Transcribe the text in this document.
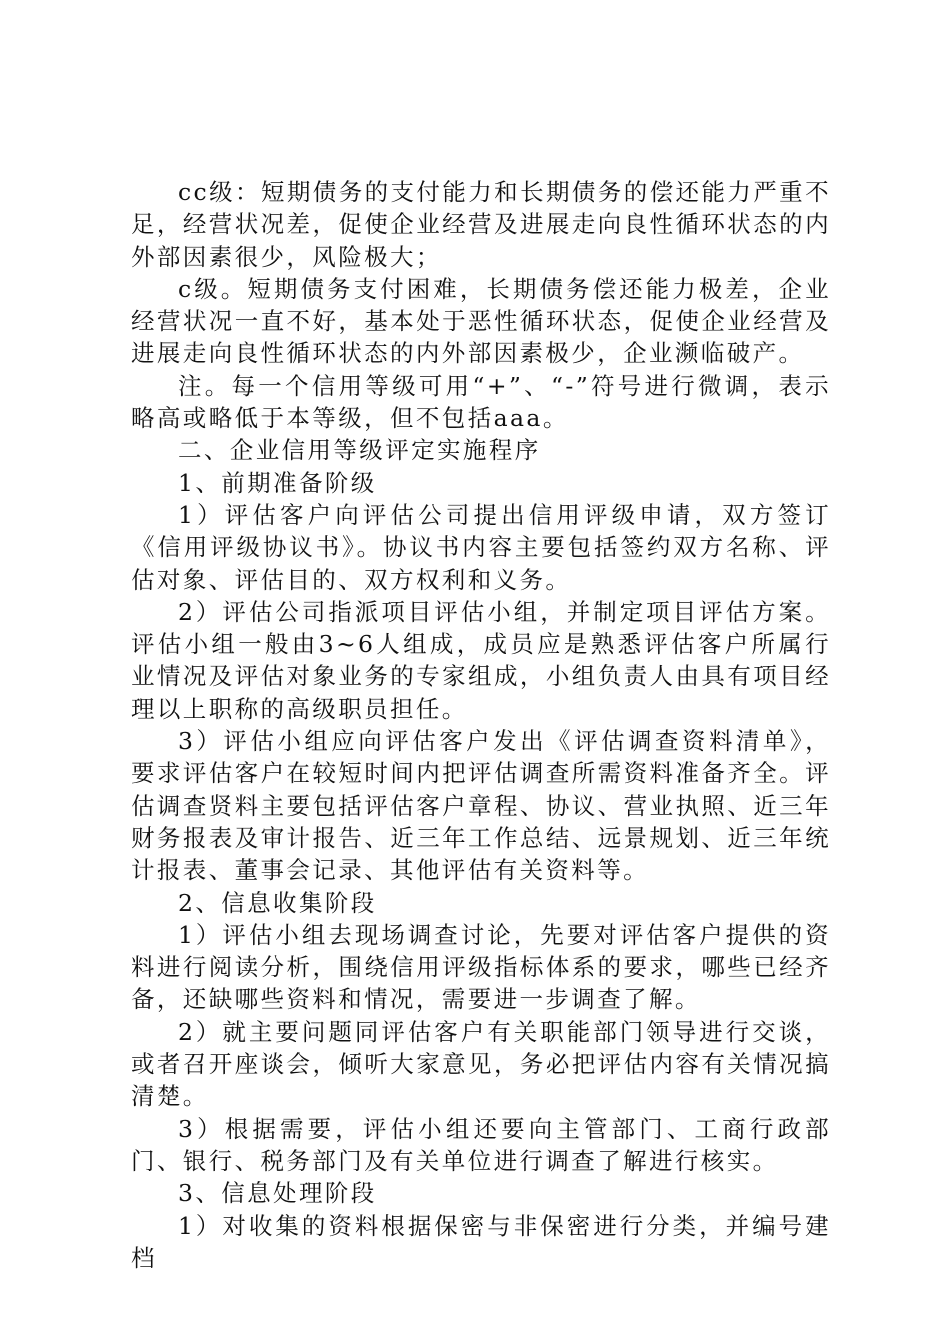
cc级：短期债务的支付能力和长期债务的偿还能力严重不足，经营状况差，促使企业经营及进展走向良性循环状态的内外部因素很少，风险极大；

c级。短期债务支付困难，长期债务偿还能力极差，企业经营状况一直不好，基本处于恶性循环状态，促使企业经营及进展走向良性循环状态的内外部因素极少，企业濒临破产。

注。每一个信用等级可用“+”、“-”符号进行微调，表示略高或略低于本等级，但不包括aaa。

二、企业信用等级评定实施程序

1、前期准备阶级

1）评估客户向评估公司提出信用评级申请，双方签订《信用评级协议书》。协议书内容主要包括签约双方名称、评估对象、评估目的、双方权利和义务。

2）评估公司指派项目评估小组，并制定项目评估方案。评估小组一般由3~6人组成，成员应是熟悉评估客户所属行业情况及评估对象业务的专家组成，小组负责人由具有项目经理以上职称的高级职员担任。

3）评估小组应向评估客户发出《评估调查资料清单》，要求评估客户在较短时间内把评估调查所需资料准备齐全。评估调查贤料主要包括评估客户章程、协议、营业执照、近三年财务报表及审计报告、近三年工作总结、远景规划、近三年统计报表、董事会记录、其他评估有关资料等。

2、信息收集阶段

1）评估小组去现场调查讨论，先要对评估客户提供的资料进行阅读分析，围绕信用评级指标体系的要求，哪些已经齐备，还缺哪些资料和情况，需要进一步调查了解。

2）就主要问题同评估客户有关职能部门领导进行交谈，或者召开座谈会，倾听大家意见，务必把评估内容有关情况搞清楚。

3）根据需要，评估小组还要向主管部门、工商行政部门、银行、税务部门及有关单位进行调查了解进行核实。

3、信息处理阶段

1）对收集的资料根据保密与非保密进行分类，并编号建档
